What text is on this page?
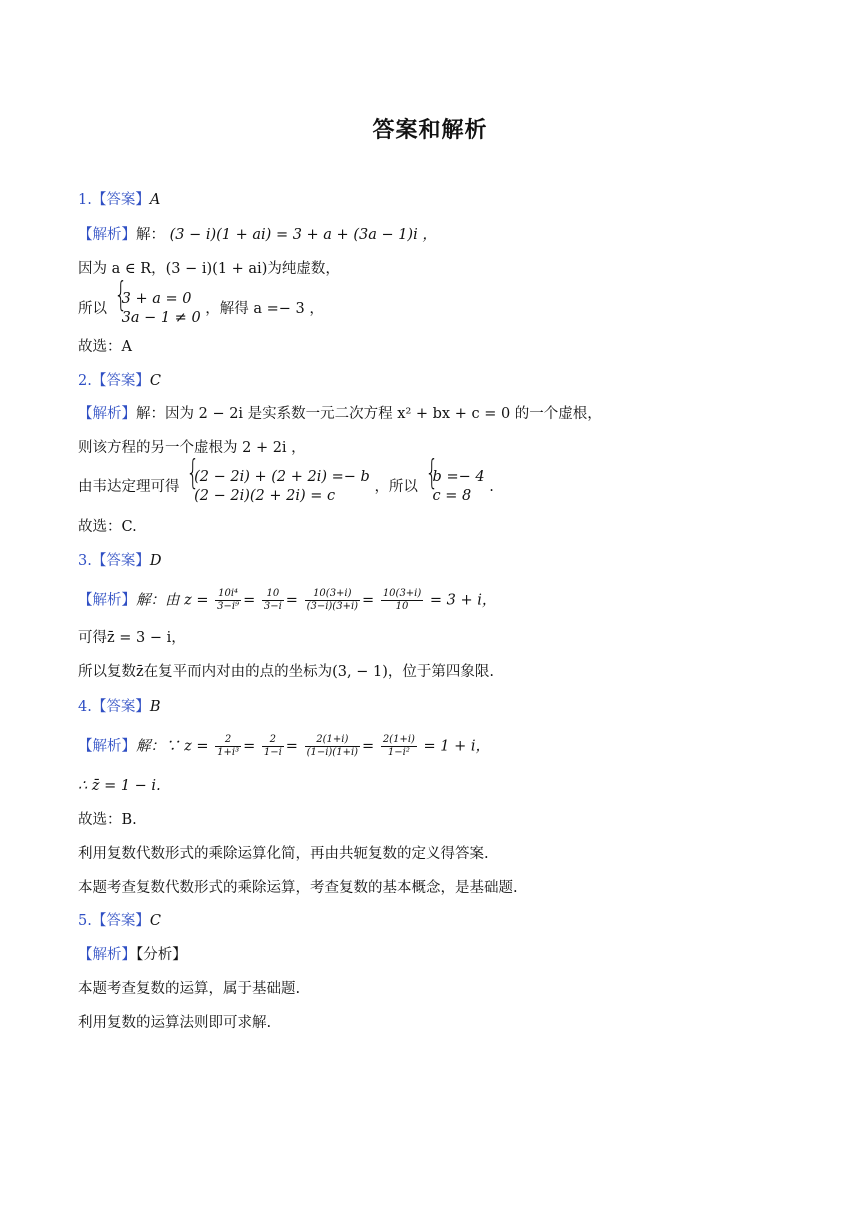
答案和解析
1.【答案】A
【解析】解： (3 − i)(1 + ai) = 3 + a + (3a − 1)i ，
因为 a ∈ R，(3 − i)(1 + ai)为纯虚数，
所以 {
3 + a = 0
3a − 1 ≠ 0
，解得 a =− 3 ，
故选：A
2.【答案】C
【解析】解：因为 2 − 2i 是实系数一元二次方程 x² + bx + c = 0 的一个虚根，
则该方程的另一个虚根为 2 + 2i ，
由韦达定理可得 {
(2 − 2i) + (2 + 2i) =− b
(2 − 2i)(2 + 2i) = c
，所以 {
b =− 4
c = 8
.
故选：C.
3.【答案】D
【解析】解：由 $z = \frac{\text{10i⁴}}{\text{3−i⁹}} = \frac{10}{3-i} = \frac{10(3+i)}{(3-i)(3+i)} = \frac{10(3+i)}{10} = 3 + i$，
可得z̄ = 3 − i，
所以复数z̄在复平而内对由的点的坐标为(3, − 1)，位于第四象限.
4.【答案】B
【解析】解：∵ $z = \frac{2}{\text{1+i³}} = \frac{2}{1-i} = \frac{2(1+i)}{(1-i)(1+i)} = \frac{2(1+i)}{\text{1−i²}} = 1 + i$，
∴ z̄ = 1 − i.
故选：B.
利用复数代数形式的乘除运算化简，再由共轭复数的定义得答案.
本题考查复数代数形式的乘除运算，考查复数的基本概念，是基础题.
5.【答案】C
【解析】【分析】
本题考查复数的运算，属于基础题.
利用复数的运算法则即可求解.
